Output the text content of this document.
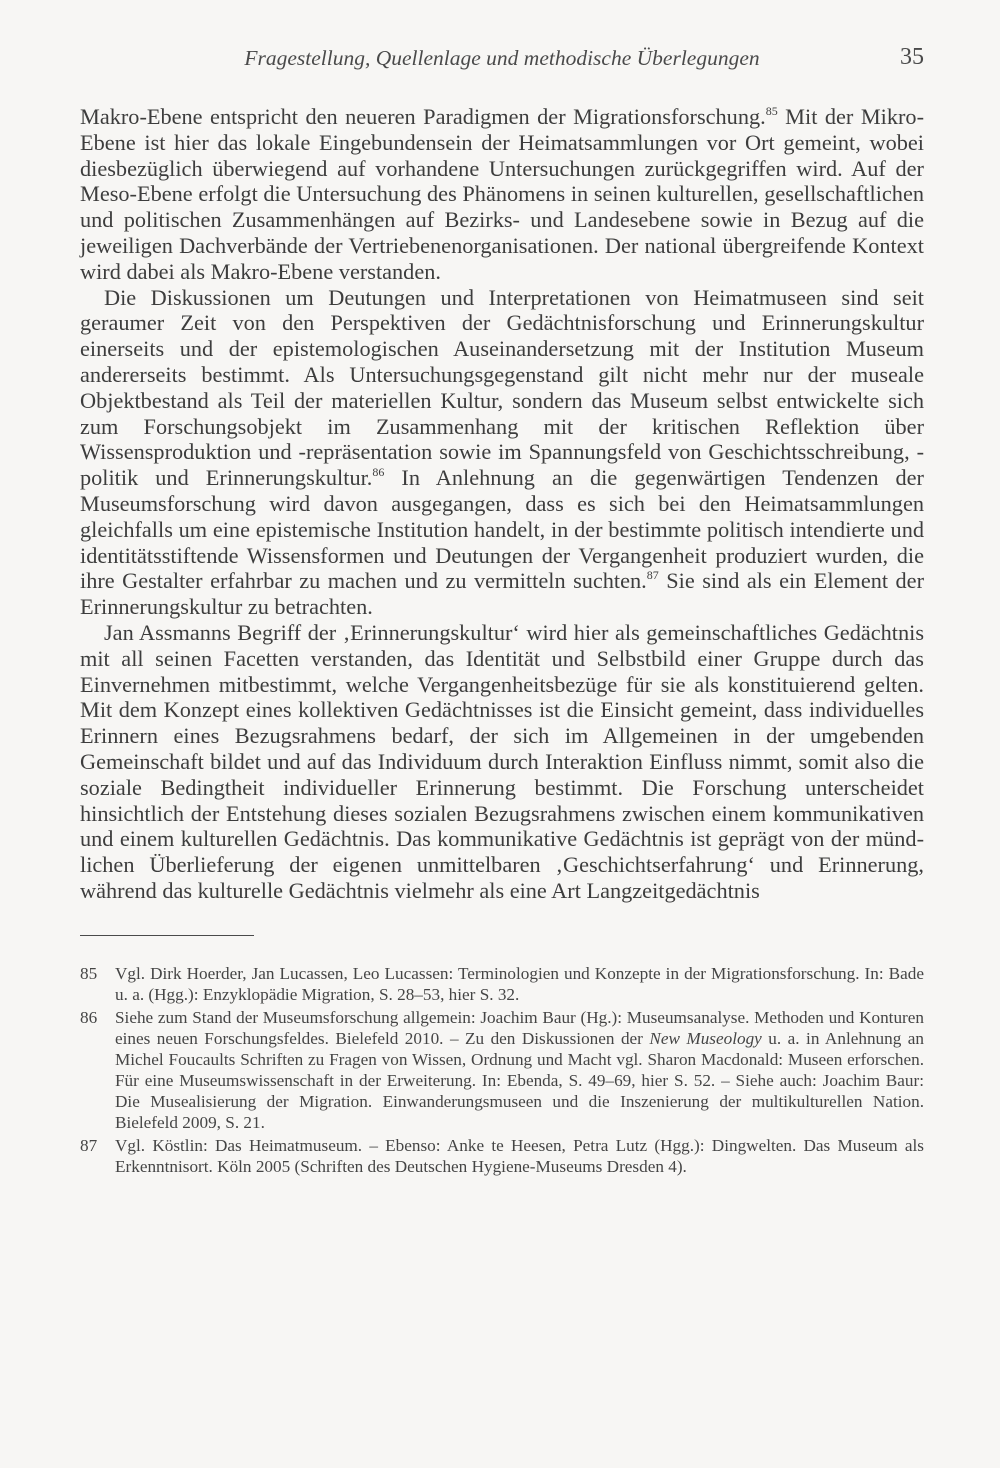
Fragestellung, Quellenlage und methodische Überlegungen	35

Makro-Ebene entspricht den neueren Paradigmen der Migrationsforschung.$^{85}$ Mit der Mikro-Ebene ist hier das lokale Eingebundensein der Heimatsammlungen vor Ort gemeint, wobei diesbezüglich überwiegend auf vorhandene Untersuchungen zurückgegriffen wird. Auf der Meso-Ebene erfolgt die Untersuchung des Phänomens in seinen kulturellen, gesellschaftlichen und politischen Zusammenhängen auf Bezirks- und Landesebene sowie in Bezug auf die jeweiligen Dachverbände der Vertriebenenorganisationen. Der national übergreifende Kontext wird dabei als Makro-Ebene verstanden.

Die Diskussionen um Deutungen und Interpretationen von Heimatmuseen sind seit geraumer Zeit von den Perspektiven der Gedächtnisforschung und Erinnerungskultur einerseits und der epistemologischen Auseinandersetzung mit der Institution Museum andererseits bestimmt. Als Untersuchungsgegenstand gilt nicht mehr nur der museale Objektbestand als Teil der materiellen Kultur, sondern das Museum selbst entwickelte sich zum Forschungsobjekt im Zusammenhang mit der kritischen Reflektion über Wissensproduktion und -repräsentation sowie im Spannungsfeld von Geschichtsschreibung, -politik und Erinnerungskultur.$^{86}$ In Anlehnung an die gegenwärtigen Tendenzen der Museumsforschung wird davon ausgegangen, dass es sich bei den Heimatsammlungen gleichfalls um eine epistemische Institution handelt, in der bestimmte politisch intendierte und identitätsstiftende Wissensformen und Deutungen der Vergangenheit produziert wurden, die ihre Gestalter erfahrbar zu machen und zu vermitteln suchten.$^{87}$ Sie sind als ein Element der Erinnerungskultur zu betrachten.

Jan Assmanns Begriff der ‚Erinnerungskultur‘ wird hier als gemeinschaftliches Gedächtnis mit all seinen Facetten verstanden, das Identität und Selbstbild einer Gruppe durch das Einvernehmen mitbestimmt, welche Vergangenheitsbezüge für sie als konstituierend gelten. Mit dem Konzept eines kollektiven Gedächtnisses ist die Einsicht gemeint, dass individuelles Erinnern eines Bezugsrahmens bedarf, der sich im Allgemeinen in der umgebenden Gemeinschaft bildet und auf das Individuum durch Interaktion Einfluss nimmt, somit also die soziale Bedingtheit individueller Erinnerung bestimmt. Die Forschung unterscheidet hinsichtlich der Entstehung dieses sozialen Bezugsrahmens zwischen einem kommunikativen und einem kulturellen Gedächtnis. Das kommunikative Gedächtnis ist geprägt von der mündlichen Überlieferung der eigenen unmittelbaren ‚Geschichtserfahrung‘ und Erinnerung, während das kulturelle Gedächtnis vielmehr als eine Art Langzeitgedächtnis

85	Vgl. Dirk Hoerder, Jan Lucassen, Leo Lucassen: Terminologien und Konzepte in der Migrationsforschung. In: Bade u. a. (Hgg.): Enzyklopädie Migration, S. 28–53, hier S. 32.
86	Siehe zum Stand der Museumsforschung allgemein: Joachim Baur (Hg.): Museumsanalyse. Methoden und Konturen eines neuen Forschungsfeldes. Bielefeld 2010. – Zu den Diskussionen der New Museology u. a. in Anlehnung an Michel Foucaults Schriften zu Fragen von Wissen, Ordnung und Macht vgl. Sharon Macdonald: Museen erforschen. Für eine Museumswissenschaft in der Erweiterung. In: Ebenda, S. 49–69, hier S. 52. – Siehe auch: Joachim Baur: Die Musealisierung der Migration. Einwanderungsmuseen und die Inszenierung der multikulturellen Nation. Bielefeld 2009, S. 21.
87	Vgl. Köstlin: Das Heimatmuseum. – Ebenso: Anke te Heesen, Petra Lutz (Hgg.): Dingwelten. Das Museum als Erkenntnisort. Köln 2005 (Schriften des Deutschen Hygiene-Museums Dresden 4).
